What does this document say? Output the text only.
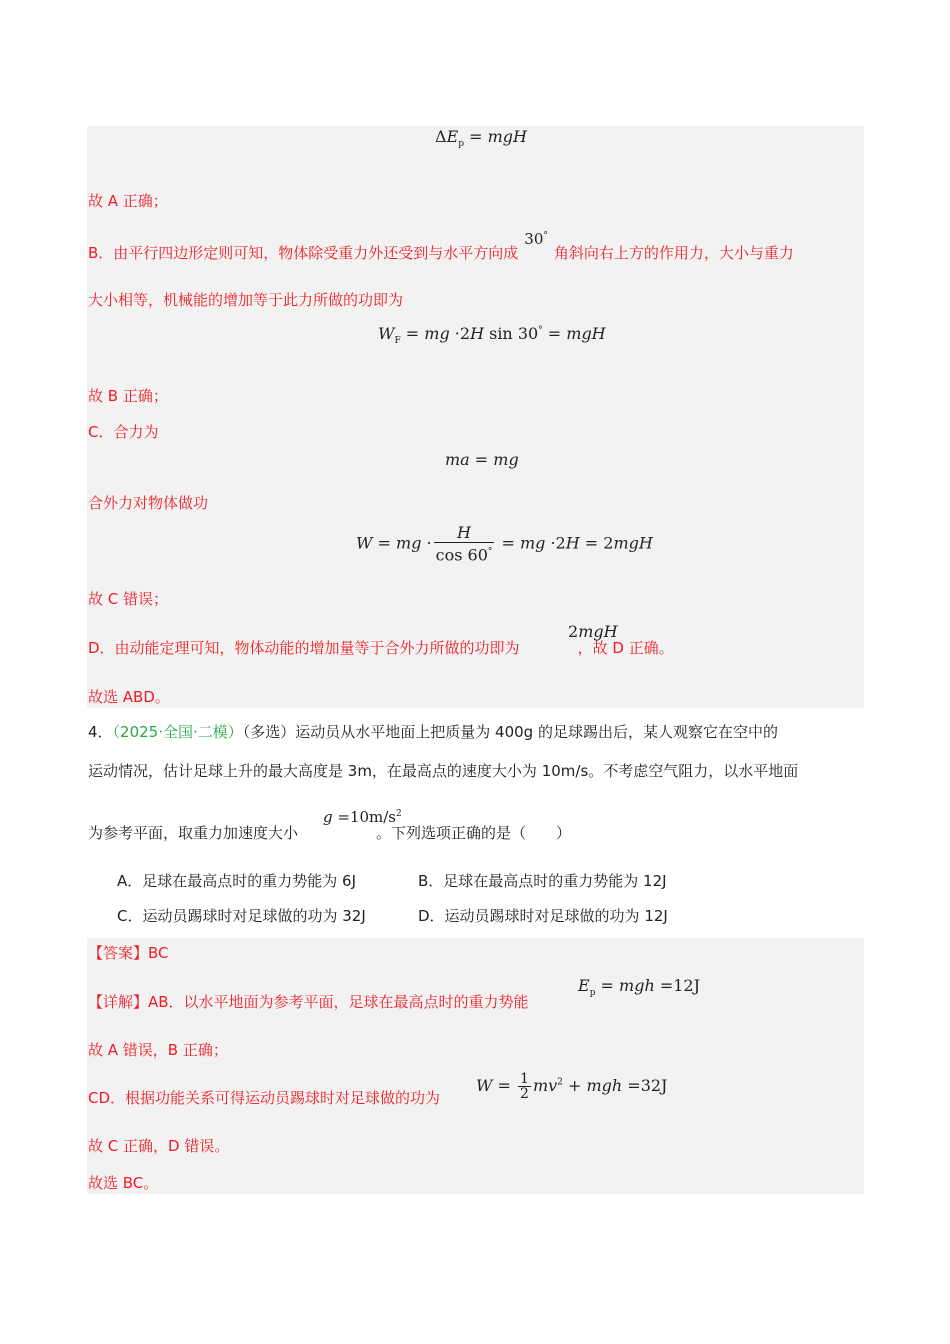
$\Delta E_p$ = mgH
故 A 正确；
B．由平行四边形定则可知，物体除受重力外还受到与水平方向成30°角斜向右上方的作用力，大小与重力
大小相等，机械能的增加等于此力所做的功即为
$W_F$ = mg ·2H sin 30° = mgH
故 B 正确；
C．合力为
ma = mg
合外力对物体做功
W = mg · $\frac{H}{\cos 60^\circ}$ = mg ·2H = 2mgH
故 C 错误；
2mgH
D．由动能定理可知，物体动能的增加量等于合外力所做的功即为	，故 D 正确。
故选 ABD。
4．（2025·全国·二模）（多选）运动员从水平地面上把质量为 400g 的足球踢出后，某人观察它在空中的
运动情况，估计足球上升的最大高度是 3m，在最高点的速度大小为 10m/s。不考虑空气阻力，以水平地面
$g =10m/s^2$
为参考平面，取重力加速度大小	。下列选项正确的是（　　）
A．足球在最高点时的重力势能为 6J	B．足球在最高点时的重力势能为 12J
C．运动员踢球时对足球做的功为 32J	D．运动员踢球时对足球做的功为 12J
【答案】BC
$E_p$ = mgh =12J
【详解】AB．以水平地面为参考平面，足球在最高点时的重力势能
故 A 错误，B 正确；
$W = \frac{1}{2} mv^2$ + mgh =32J
CD．根据功能关系可得运动员踢球时对足球做的功为
故 C 正确，D 错误。
故选 BC。
